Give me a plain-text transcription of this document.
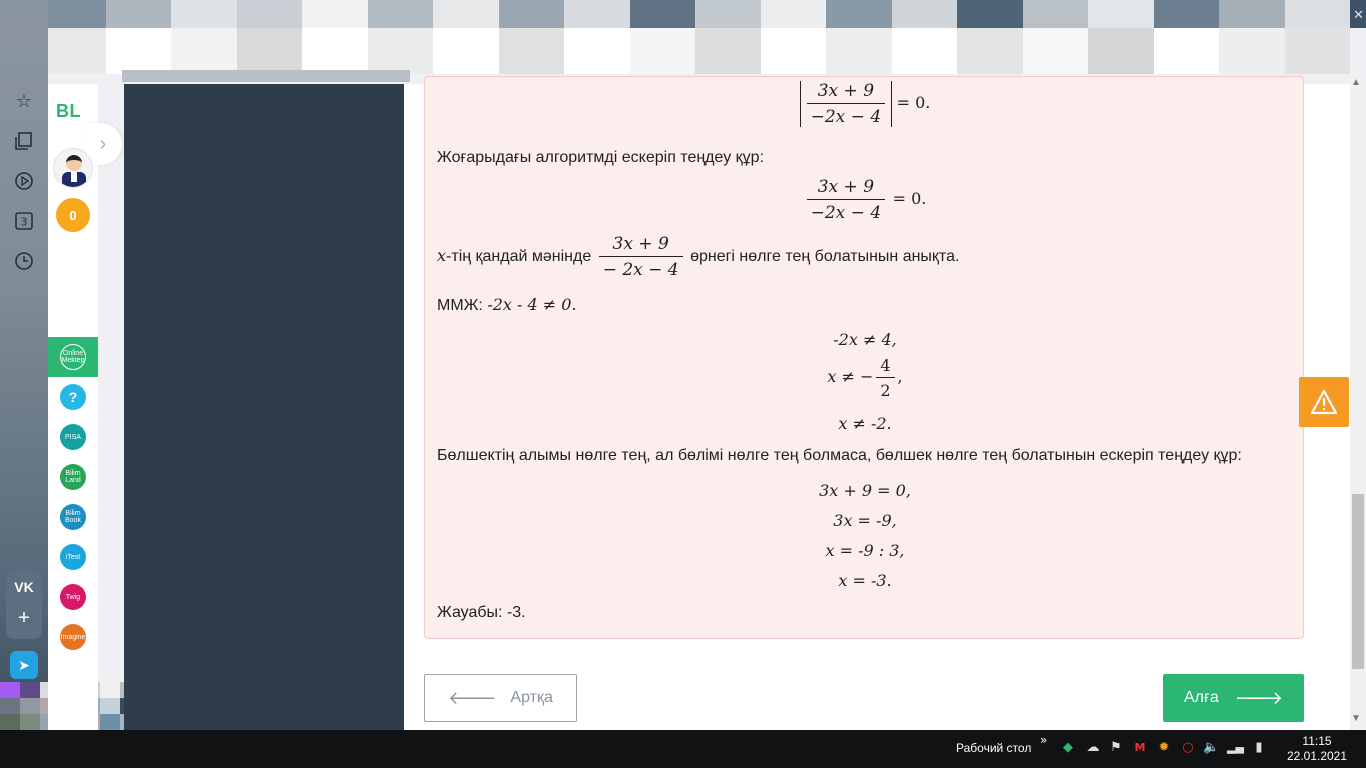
✕
☆
3
VK
+
➤
BL
›
0
Online Mektep
?
PISA
Bilim Land
Bilim Book
iTest
Twig
Imagine
$\frac{3x + 9}{-2x - 4} = 0$.
Жоғарыдағы алгоритмді ескеріп теңдеу құр:
$\frac{3x + 9}{-2x - 4} = 0$.
x-тің қандай мәнінде $\frac{3x + 9}{- 2x - 4}$ өрнегі нөлге тең болатынын анықта.
ММЖ: -2x - 4 ≠ 0.
-2x ≠ 4,
x ≠ − $\frac{4}{2}$ ,
x ≠ -2.
Бөлшектің алымы нөлге тең, ал бөлімі нөлге тең болмаса, бөлшек нөлге тең болатынын ескеріп теңдеу құр:
3x + 9 = 0,
3x = -9,
x = -9 : 3,
x = -3.
Жауабы: -3.
🡐 Артқа	Алға 🡒
▲
▼
Рабочий стол
» ◆ ☁ ⚑ M ✹ ○ 🔈 ▂▄ ▮	11:15
22.01.2021
